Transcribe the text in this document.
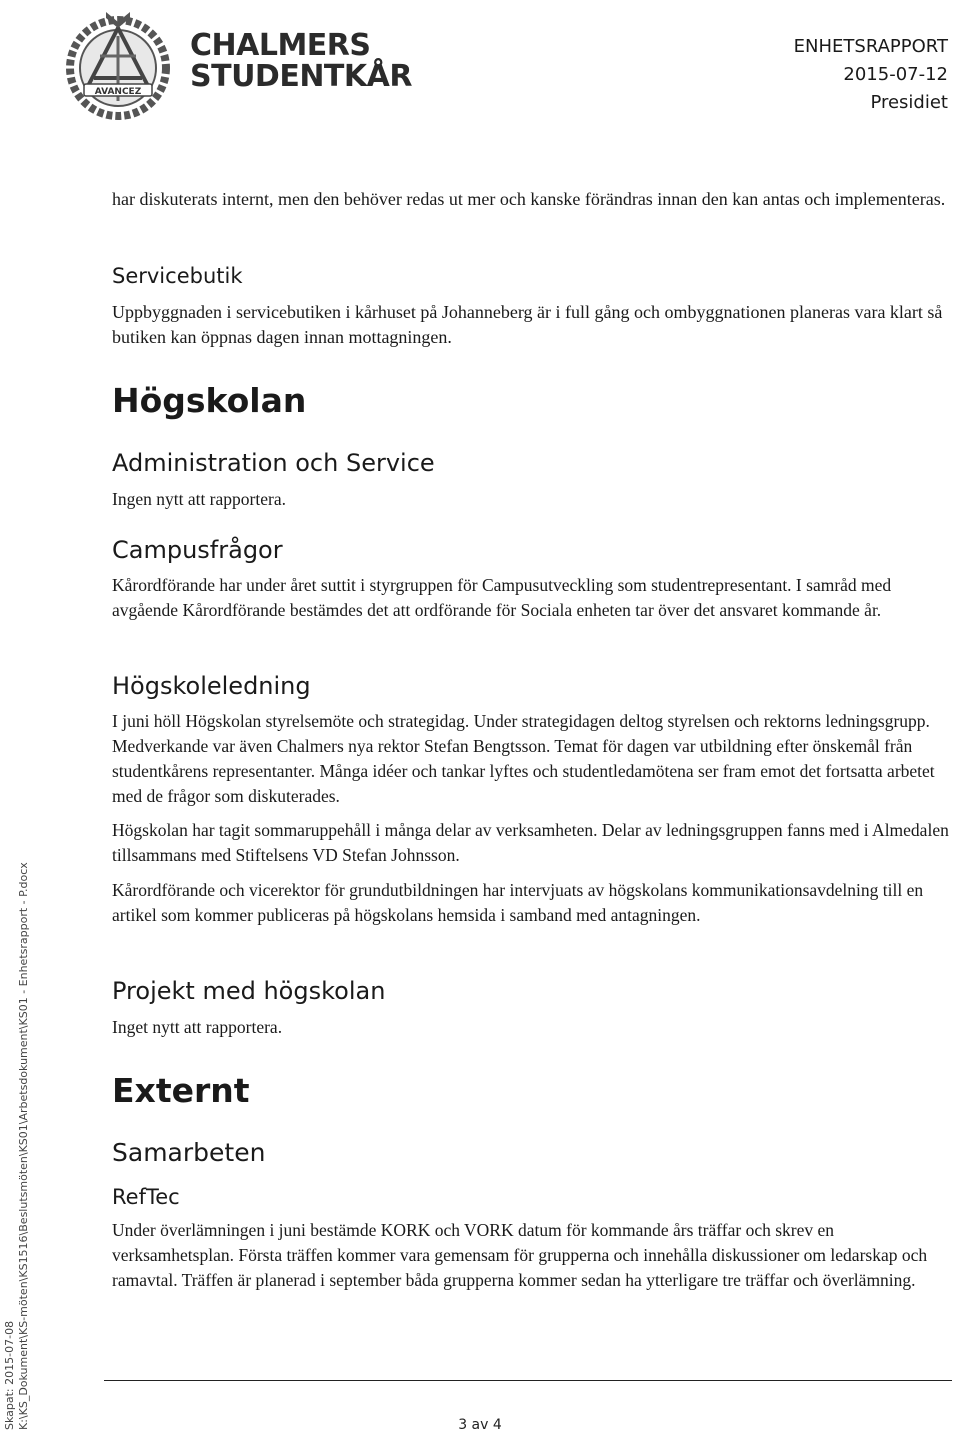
AVANCEZ
CHALMERS
STUDENTKÅR
ENHETSRAPPORT
2015-07-12
Presidiet

har diskuterats internt, men den behöver redas ut mer och kanske förändras innan den kan antas och implementeras.

Servicebutik

Uppbyggnaden i servicebutiken i kårhuset på Johanneberg är i full gång och ombyggnationen planeras vara klart så butiken kan öppnas dagen innan mottagningen.

Högskolan
Administration och Service

Ingen nytt att rapportera.

Campusfrågor

Kårordförande har under året suttit i styrgruppen för Campusutveckling som studentrepresentant. I samråd med avgående Kårordförande bestämdes det att ordförande för Sociala enheten tar över det ansvaret kommande år.

Högskoleledning

I juni höll Högskolan styrelsemöte och strategidag. Under strategidagen deltog styrelsen och rektorns ledningsgrupp. Medverkande var även Chalmers nya rektor Stefan Bengtsson. Temat för dagen var utbildning efter önskemål från studentkårens representanter. Många idéer och tankar lyftes och studentledamötena ser fram emot det fortsatta arbetet med de frågor som diskuterades.

Högskolan har tagit sommaruppehåll i många delar av verksamheten. Delar av ledningsgruppen fanns med i Almedalen tillsammans med Stiftelsens VD Stefan Johnsson.

Kårordförande och vicerektor för grundutbildningen har intervjuats av högskolans kommunikationsavdelning till en artikel som kommer publiceras på högskolans hemsida i samband med antagningen.

Projekt med högskolan

Inget nytt att rapportera.

Externt
Samarbeten
RefTec

Under överlämningen i juni bestämde KORK och VORK datum för kommande års träffar och skrev en verksamhetsplan. Första träffen kommer vara gemensam för grupperna och innehålla diskussioner om ledarskap och ramavtal. Träffen är planerad i september båda grupperna kommer sedan ha ytterligare tre träffar och överlämning.

3 av 4
Skapat: 2015-07-08 K:\KS_Dokument\KS-möten\KS1516\Beslutsmöten\KS01\Arbetsdokument\KS01 - Enhetsrapport - P.docx
